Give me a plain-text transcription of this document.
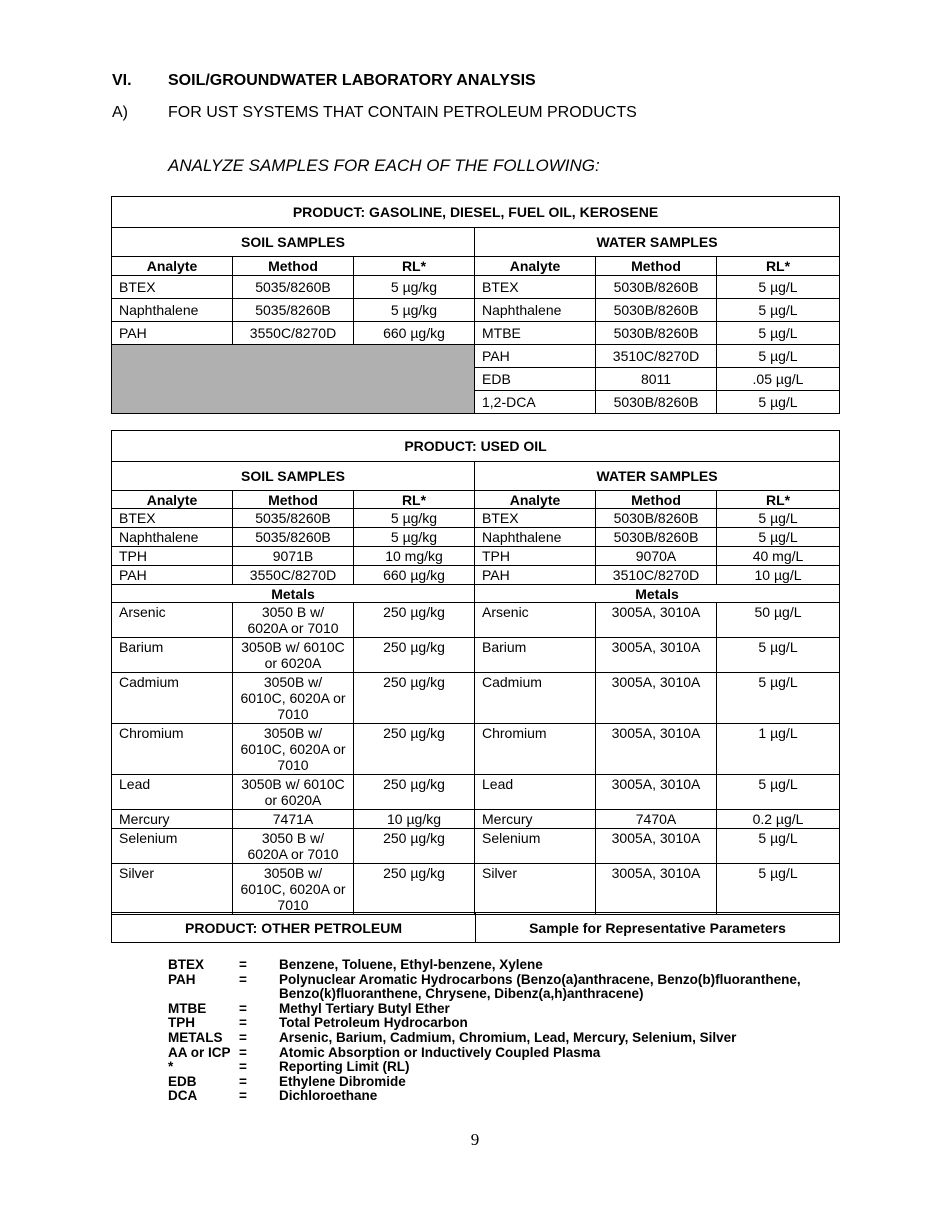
VI. SOIL/GROUNDWATER LABORATORY ANALYSIS
A)	FOR UST SYSTEMS THAT CONTAIN PETROLEUM PRODUCTS
ANALYZE SAMPLES FOR EACH OF THE FOLLOWING:
PRODUCT: GASOLINE, DIESEL, FUEL OIL, KEROSENE					
SOIL SAMPLES			WATER SAMPLES		
Analyte	Method	RL*	Analyte	Method	RL*
BTEX	5035/8260B	5 µg/kg	BTEX	5030B/8260B	5 µg/L
Naphthalene	5035/8260B	5 µg/kg	Naphthalene	5030B/8260B	5 µg/L
PAH	3550C/8270D	660 µg/kg	MTBE	5030B/8260B	5 µg/L
			PAH	3510C/8270D	5 µg/L
			EDB	8011	.05 µg/L
			1,2-DCA	5030B/8260B	5 µg/L
PRODUCT: USED OIL					
SOIL SAMPLES			WATER SAMPLES		
Analyte	Method	RL*	Analyte	Method	RL*
BTEX	5035/8260B	5 µg/kg	BTEX	5030B/8260B	5 µg/L
Naphthalene	5035/8260B	5 µg/kg	Naphthalene	5030B/8260B	5 µg/L
TPH	9071B	10 mg/kg	TPH	9070A	40 mg/L
PAH	3550C/8270D	660 µg/kg	PAH	3510C/8270D	10 µg/L
Metals			Metals		
Arsenic	3050 B w/ 6020A or 7010	250 µg/kg	Arsenic	3005A, 3010A	50 µg/L
Barium	3050B w/ 6010C or 6020A	250 µg/kg	Barium	3005A, 3010A	5 µg/L
Cadmium	3050B w/ 6010C, 6020A or 7010	250 µg/kg	Cadmium	3005A, 3010A	5 µg/L
Chromium	3050B w/ 6010C, 6020A or 7010	250 µg/kg	Chromium	3005A, 3010A	1 µg/L
Lead	3050B w/ 6010C or 6020A	250 µg/kg	Lead	3005A, 3010A	5 µg/L
Mercury	7471A	10 µg/kg	Mercury	7470A	0.2 µg/L
Selenium	3050 B w/ 6020A or 7010	250 µg/kg	Selenium	3005A, 3010A	5 µg/L
Silver	3050B w/ 6010C, 6020A or 7010	250 µg/kg	Silver	3005A, 3010A	5 µg/L
PRODUCT: OTHER PETROLEUM	Sample for Representative Parameters
BTEX	= Benzene, Toluene, Ethyl-benzene, Xylene
PAH	= Polynuclear Aromatic Hydrocarbons (Benzo(a)anthracene, Benzo(b)fluoranthene, Benzo(k)fluoranthene, Chrysene, Dibenz(a,h)anthracene)
MTBE = Methyl Tertiary Butyl Ether
TPH	= Total Petroleum Hydrocarbon
METALS = Arsenic, Barium, Cadmium, Chromium, Lead, Mercury, Selenium, Silver
AA or ICP = Atomic Absorption or Inductively Coupled Plasma
*	= Reporting Limit (RL)
EDB	= Ethylene Dibromide
DCA	= Dichloroethane
9
